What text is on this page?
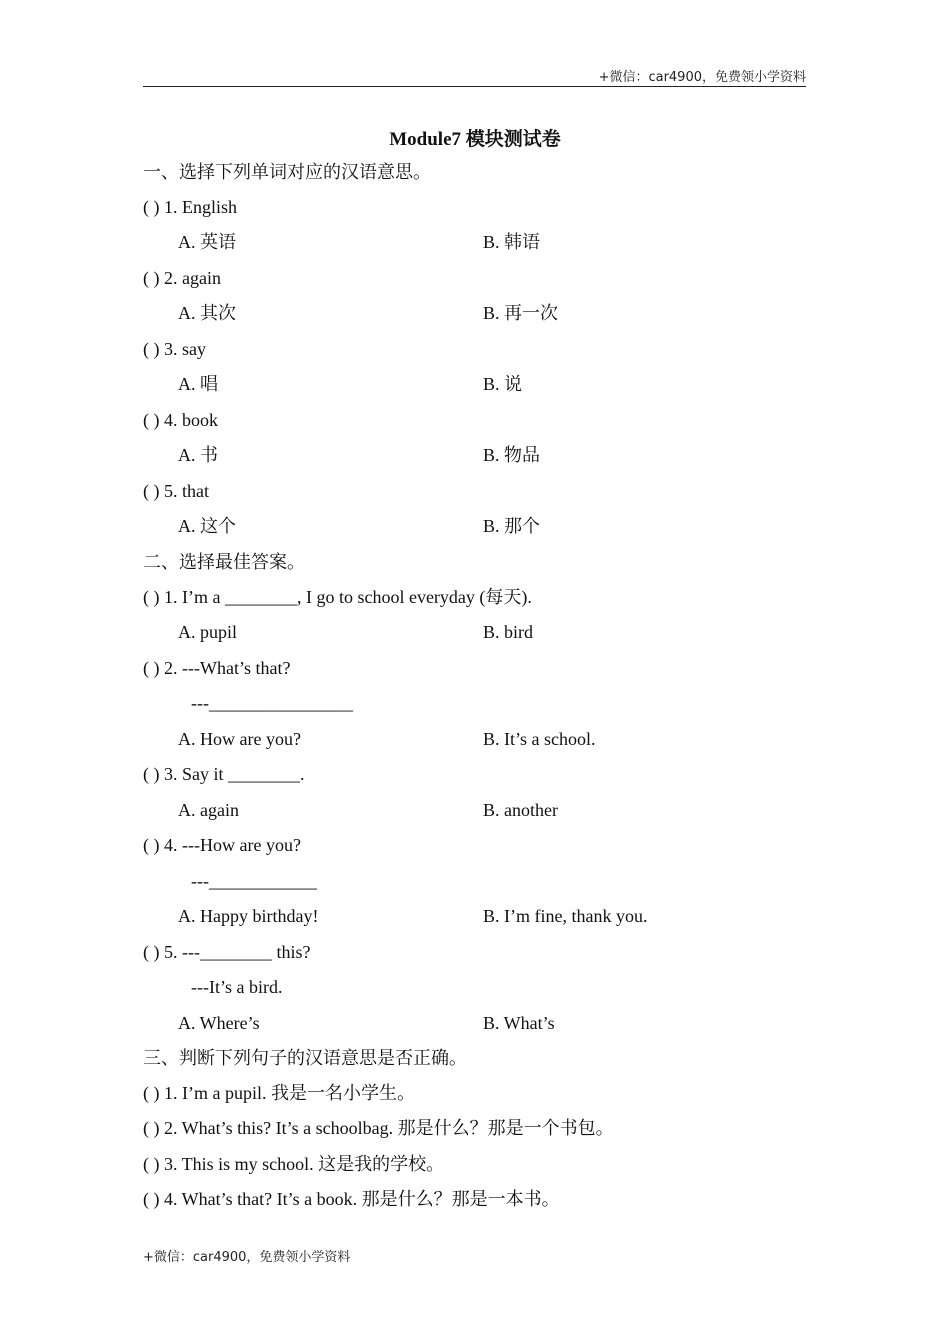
+微信：car4900，免费领小学资料
Module7 模块测试卷
一、选择下列单词对应的汉语意思。
( ) 1. English
A. 英语	B. 韩语
( ) 2. again
A. 其次	B. 再一次
( ) 3. say
A. 唱	B. 说
( ) 4. book
A. 书	B. 物品
( ) 5. that
A. 这个	B. 那个
二、选择最佳答案。
( ) 1. I’m a ________, I go to school everyday (每天).
A. pupil	B. bird
( ) 2. ---What’s that?
---________________
A. How are you?	B. It’s a school.
( ) 3. Say it ________.
A. again	B. another
( ) 4. ---How are you?
---____________
A. Happy birthday!	B. I’m fine, thank you.
( ) 5. ---________ this?
---It’s a bird.
A. Where’s	B. What’s
三、判断下列句子的汉语意思是否正确。
( ) 1. I’m a pupil. 我是一名小学生。
( ) 2. What’s this? It’s a schoolbag. 那是什么？那是一个书包。
( ) 3. This is my school. 这是我的学校。
( ) 4. What’s that? It’s a book. 那是什么？那是一本书。
+微信：car4900，免费领小学资料
